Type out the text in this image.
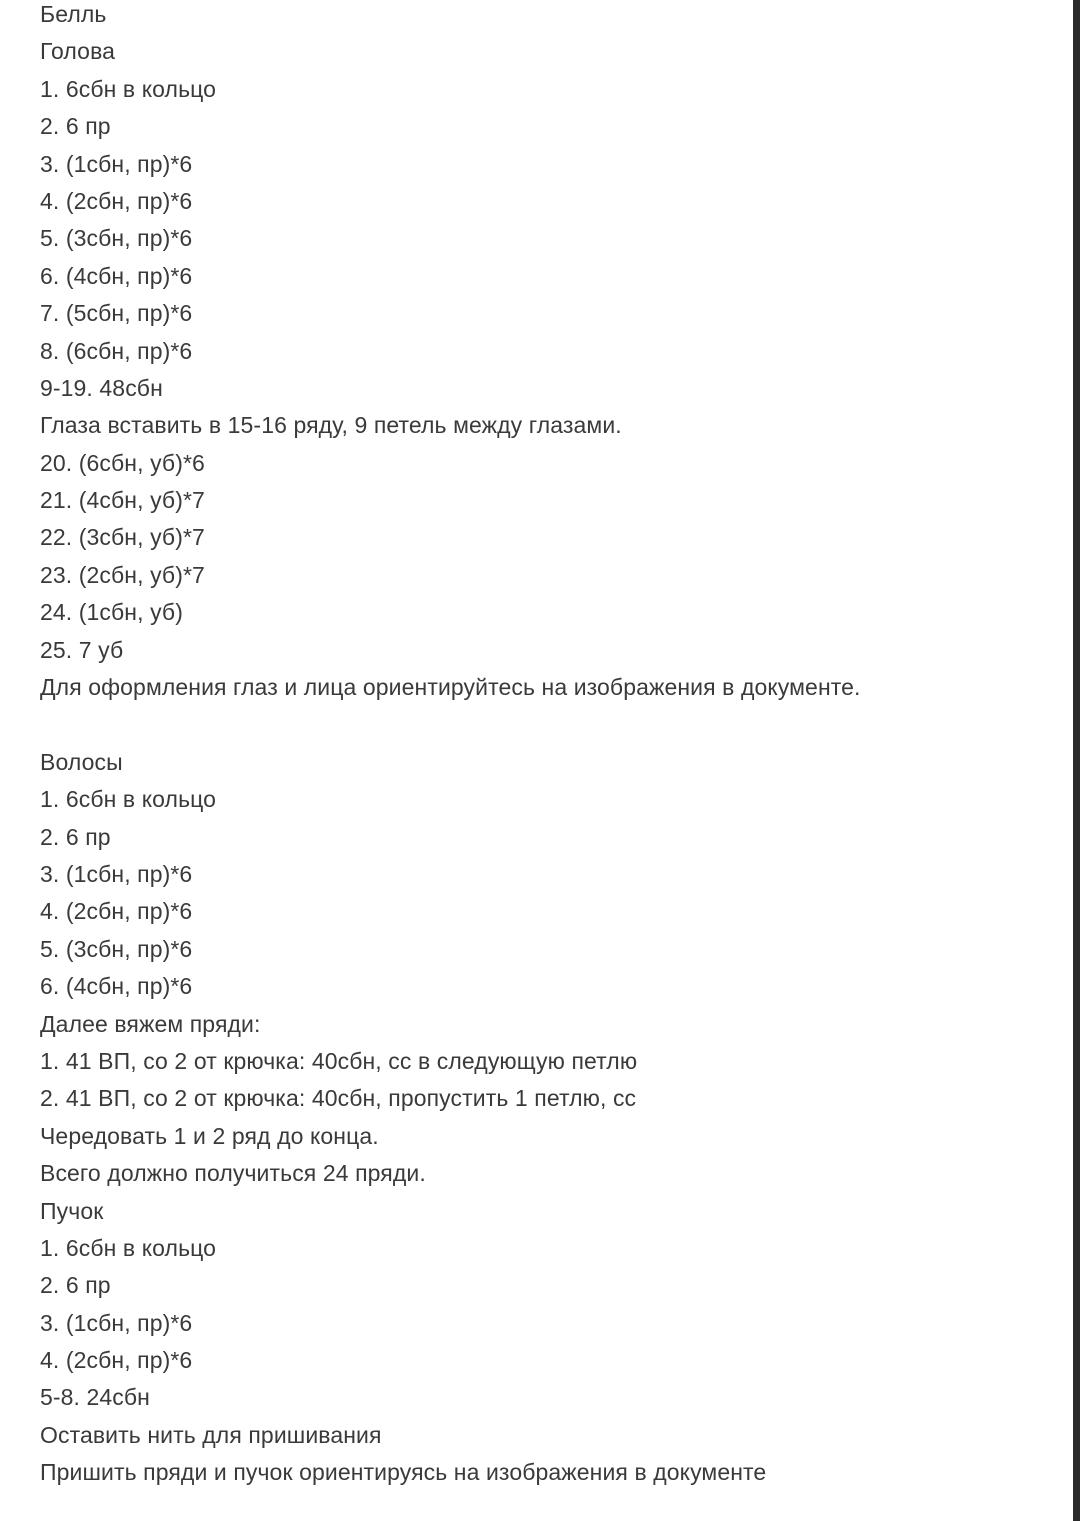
Белль
Голова
1. 6сбн в кольцо
2. 6 пр
3. (1сбн, пр)*6
4. (2сбн, пр)*6
5. (3сбн, пр)*6
6. (4сбн, пр)*6
7. (5сбн, пр)*6
8. (6сбн, пр)*6
9-19. 48сбн
Глаза вставить в 15-16 ряду, 9 петель между глазами.
20. (6сбн, уб)*6
21. (4сбн, уб)*7
22. (3сбн, уб)*7
23. (2сбн, уб)*7
24. (1сбн, уб)
25. 7 уб
Для оформления глаз и лица ориентируйтесь на изображения в документе.
Волосы
1. 6сбн в кольцо
2. 6 пр
3. (1сбн, пр)*6
4. (2сбн, пр)*6
5. (3сбн, пр)*6
6. (4сбн, пр)*6
Далее вяжем пряди:
1. 41 ВП, со 2 от крючка: 40сбн, сс в следующую петлю
2. 41 ВП, со 2 от крючка: 40сбн, пропустить 1 петлю, сс
Чередовать 1 и 2 ряд до конца.
Всего должно получиться 24 пряди.
Пучок
1. 6сбн в кольцо
2. 6 пр
3. (1сбн, пр)*6
4. (2сбн, пр)*6
5-8. 24сбн
Оставить нить для пришивания
Пришить пряди и пучок ориентируясь на изображения в документе
